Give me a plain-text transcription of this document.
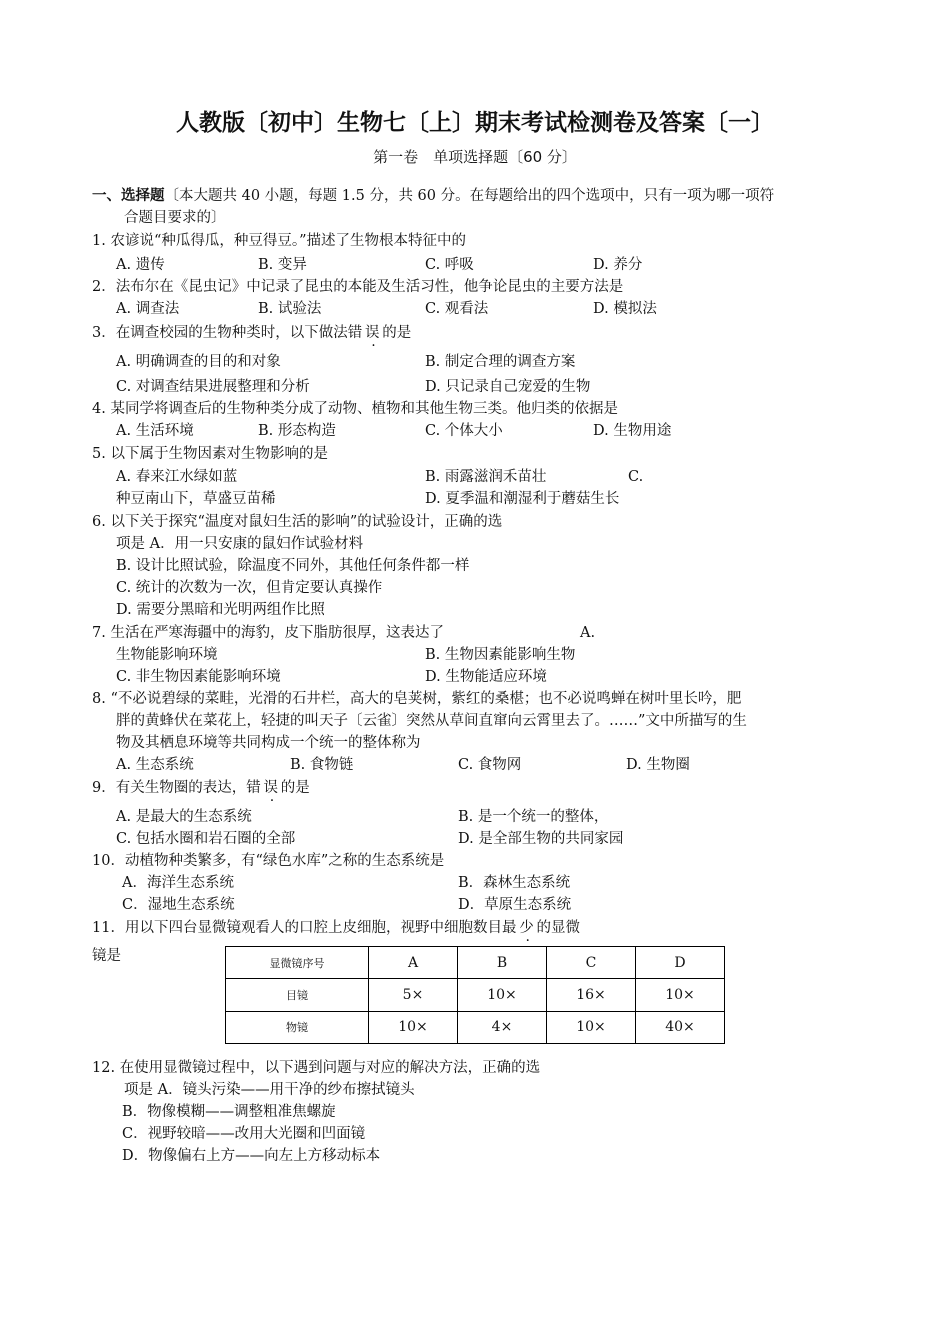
人教版〔初中〕生物七〔上〕期末考试检测卷及答案〔一〕
第一卷　单项选择题〔60 分〕
一、选择题〔本大题共 40 小题，每题 1.5 分，共 60 分。在每题给出的四个选项中，只有一项为哪一项符
合题目要求的〕
1. 农谚说“种瓜得瓜，种豆得豆。”描述了生物根本特征中的
A. 遗传	B. 变异	C. 呼吸	D. 养分
2．法布尔在《昆虫记》中记录了昆虫的本能及生活习性，他争论昆虫的主要方法是
A. 调查法	B. 试验法	C. 观看法	D. 模拟法
3．在调查校园的生物种类时，以下做法错 误 的是
A. 明确调查的目的和对象	B. 制定合理的调查方案
C. 对调查结果进展整理和分析	D. 只记录自己宠爱的生物
4. 某同学将调查后的生物种类分成了动物、植物和其他生物三类。他归类的依据是
A. 生活环境	B. 形态构造	C. 个体大小	D. 生物用途
5. 以下属于生物因素对生物影响的是
A. 春来江水绿如蓝	B. 雨露滋润禾苗壮	C.
种豆南山下，草盛豆苗稀	D. 夏季温和潮湿利于蘑菇生长
6. 以下关于探究“温度对鼠妇生活的影响”的试验设计，正确的选
项是 A．用一只安康的鼠妇作试验材料
B. 设计比照试验，除温度不同外，其他任何条件都一样
C. 统计的次数为一次，但肯定要认真操作
D. 需要分黑暗和光明两组作比照
7. 生活在严寒海疆中的海豹，皮下脂肪很厚，这表达了	A.
生物能影响环境	B. 生物因素能影响生物
C. 非生物因素能影响环境	D. 生物能适应环境
8. “不必说碧绿的菜畦，光滑的石井栏，高大的皂荚树，紫红的桑椹；也不必说鸣蝉在树叶里长吟，肥
胖的黄蜂伏在菜花上，轻捷的叫天子〔云雀〕突然从草间直窜向云霄里去了。……”文中所描写的生
物及其栖息环境等共同构成一个统一的整体称为
A. 生态系统	B. 食物链	C. 食物网	D. 生物圈
9．有关生物圈的表达，错 误 的是
A. 是最大的生态系统	B. 是一个统一的整体，
C. 包括水圈和岩石圈的全部	D. 是全部生物的共同家园
10．动植物种类繁多，有“绿色水库”之称的生态系统是
A．海洋生态系统	B．森林生态系统
C．湿地生态系统	D．草原生态系统
11．用以下四台显微镜观看人的口腔上皮细胞，视野中细胞数目最 少 的显微
镜是	显微镜序号	A	B	C	D
目镜	5×	10×	16×	10×
物镜	10×	4×	10×	40×
12. 在使用显微镜过程中，以下遇到问题与对应的解决方法，正确的选
项是 A．镜头污染——用干净的纱布擦拭镜头
B．物像模糊——调整粗准焦螺旋
C．视野较暗——改用大光圈和凹面镜
D．物像偏右上方——向左上方移动标本
